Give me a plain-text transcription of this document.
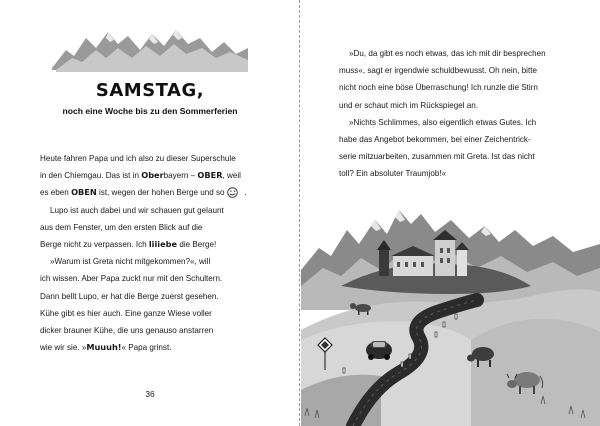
SAMSTAG,
noch eine Woche bis zu den Sommerferien
Heute fahren Papa und ich also zu dieser Superschule
in den Chiemgau. Das ist in Oberbayern – OBER, weil
es eben OBEN ist, wegen der hohen Berge und so .
Lupo ist auch dabei und wir schauen gut gelaunt
aus dem Fenster, um den ersten Blick auf die
Berge nicht zu verpassen. Ich liiiebe die Berge!
»Warum ist Greta nicht mitgekommen?«, will
ich wissen. Aber Papa zuckt nur mit den Schultern.
Dann bellt Lupo, er hat die Berge zuerst gesehen.
Kühe gibt es hier auch. Eine ganze Wiese voller
dicker brauner Kühe, die uns genauso anstarren
wie wir sie. »Muuuh!« Papa grinst.
36
»Du, da gibt es noch etwas, das ich mit dir besprechen
muss«, sagt er irgendwie schuldbewusst. Oh nein, bitte
nicht noch eine böse Überraschung! Ich runzle die Stirn
und er schaut mich im Rückspiegel an.
»Nichts Schlimmes, also eigentlich etwas Gutes. Ich
habe das Angebot bekommen, bei einer Zeichentrick-
serie mitzuarbeiten, zusammen mit Greta. Ist das nicht
toll? Ein absoluter Traumjob!«
